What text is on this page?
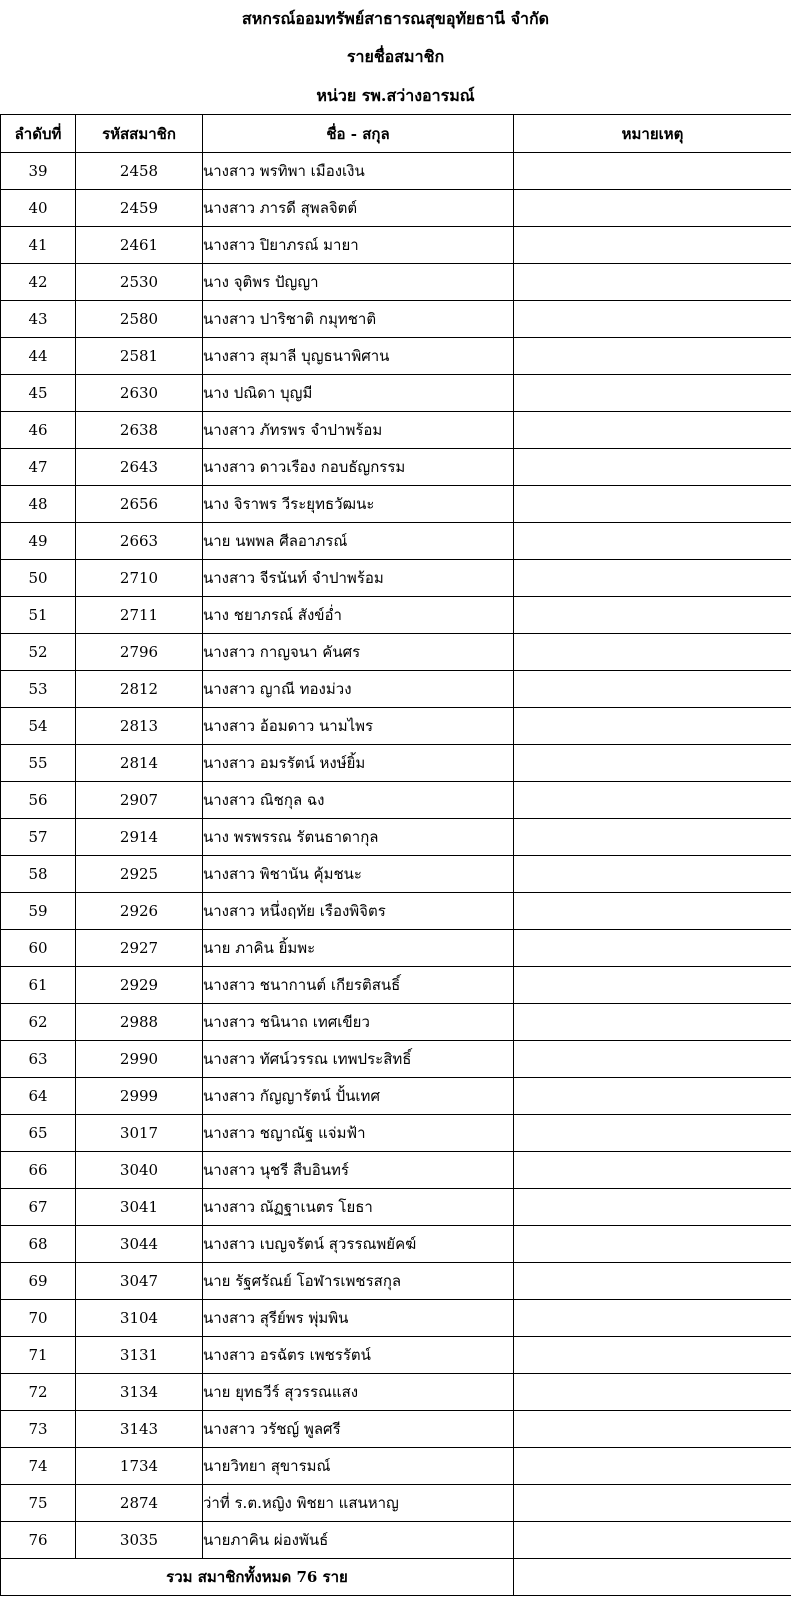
สหกรณ์ออมทรัพย์สาธารณสุขอุทัยธานี จำกัด
รายชื่อสมาชิก
หน่วย รพ.สว่างอารมณ์
ลำดับที่	รหัสสมาชิก	ชื่อ - สกุล	หมายเหตุ
39	2458	นางสาว พรทิพา เมืองเงิน	
40	2459	นางสาว ภารดี สุพลจิตต์	
41	2461	นางสาว ปิยาภรณ์ มายา	
42	2530	นาง จุติพร ปัญญา	
43	2580	นางสาว ปาริชาติ กมุทชาติ	
44	2581	นางสาว สุมาลี บุญธนาพิศาน	
45	2630	นาง ปณิดา บุญมี	
46	2638	นางสาว ภัทรพร จำปาพร้อม	
47	2643	นางสาว ดาวเรือง กอบธัญกรรม	
48	2656	นาง จิราพร วีระยุทธวัฒนะ	
49	2663	นาย นพพล ศีลอาภรณ์	
50	2710	นางสาว จีรนันท์ จำปาพร้อม	
51	2711	นาง ชยาภรณ์ สังข์อ่ำ	
52	2796	นางสาว กาญจนา คันศร	
53	2812	นางสาว ญาณี ทองม่วง	
54	2813	นางสาว อ้อมดาว นามไพร	
55	2814	นางสาว อมรรัตน์ หงษ์ยิ้ม	
56	2907	นางสาว ณิชกุล ฉง	
57	2914	นาง พรพรรณ รัตนธาดากุล	
58	2925	นางสาว พิชานัน คุ้มชนะ	
59	2926	นางสาว หนึ่งฤทัย เรืองพิจิตร	
60	2927	นาย ภาคิน ยิ้มพะ	
61	2929	นางสาว ชนากานต์ เกียรติสนธิ์	
62	2988	นางสาว ชนินาถ เทศเขียว	
63	2990	นางสาว ทัศน์วรรณ เทพประสิทธิ์	
64	2999	นางสาว กัญญารัตน์ ปั้นเทศ	
65	3017	นางสาว ชญาณัฐ แจ่มฟ้า	
66	3040	นางสาว นุชรี สืบอินทร์	
67	3041	นางสาว ณัฏฐาเนตร โยธา	
68	3044	นางสาว เบญจรัตน์ สุวรรณพยัคฆ์	
69	3047	นาย รัฐศรัณย์ โอฬารเพชรสกุล	
70	3104	นางสาว สุรีย์พร พุ่มพิน	
71	3131	นางสาว อรฉัตร เพชรรัตน์	
72	3134	นาย ยุทธวีร์ สุวรรณแสง	
73	3143	นางสาว วรัชญ์ พูลศรี	
74	1734	นายวิทยา สุขารมณ์	
75	2874	ว่าที่ ร.ต.หญิง พิชยา แสนหาญ	
76	3035	นายภาคิน ผ่องพันธ์	
รวม สมาชิกทั้งหมด 76 ราย			
